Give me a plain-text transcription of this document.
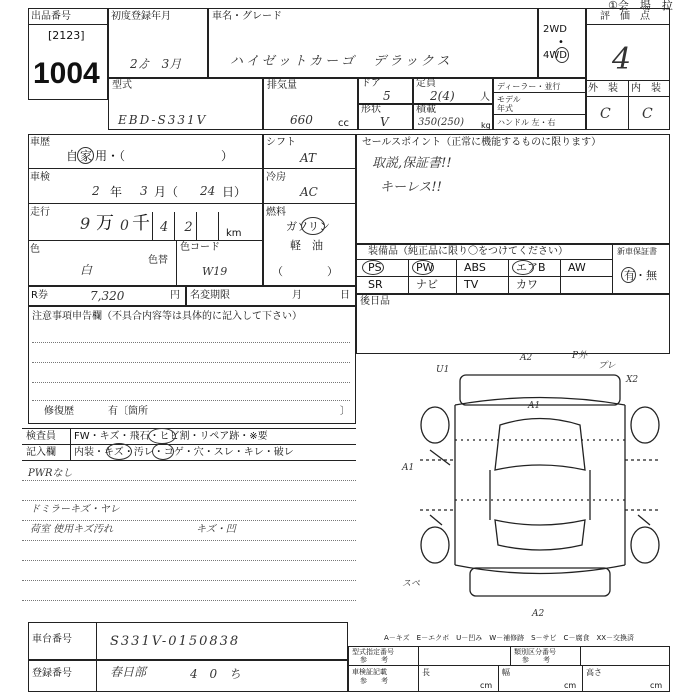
①会　場　拉
出品番号
[2123]
1004
初度登録年月
2ゟ　3月
車名・グレード
ハイゼットカーゴ　デラックス
2WD
•
4WD
評　価　点
4
型式
EBD-S331V
排気量
660	cc
ドア
5
定員
2(4)	人
形状
V
積載
350(250) kg
ディーラー・並行
モデル年式
ハンドル 左・右
外　装 内　装
C C
車歴
自 家 用・（　　　　　　　　）
シフト
AT
車検
2 年 3 月（ 24 日）
冷房
AC
走行
9 万 0 千 4 2	km
燃料
ガソリン
軽　油
色
白
色替
色コード
W19	（　　　　）
セールスポイント（正常に機能するものに限ります）
取説,保証書!!
キーレス!!
R券	7,320	円 名変期限	月	日
装備品（純正品に限り〇をつけてください）	新車保証書
有・無
PS	PW	ABS	エアB AW
SR	ナビ TV	カワ
後日品
注意事項申告欄（不具合内容等は具体的に記入して下さい）
修復歴	有〔箇所	〕
検査員
記入欄
FW・キズ・飛石・ヒビ割・リペア跡・※要
内装・キズ・汚レ・コゲ・穴・スレ・キレ・破レ
PWRなし
ドミラーキズ・ヤレ
荷室 使用キズ汚れ	キズ・凹
U1
A2	P外
プレ
X2
A1
A1
スペ
A2
車台番号	S331V-0150838
登録番号	春日部	4 0 ち
A－キズ　E－エクボ　U－凹み　W－補修跡　S－サビ　C－腐食　XX－交換済
型式指定番号
参　　考
類別区分番号
参　　考
車検証記載
参　　考
長
cm
幅
cm
高さ
cm
